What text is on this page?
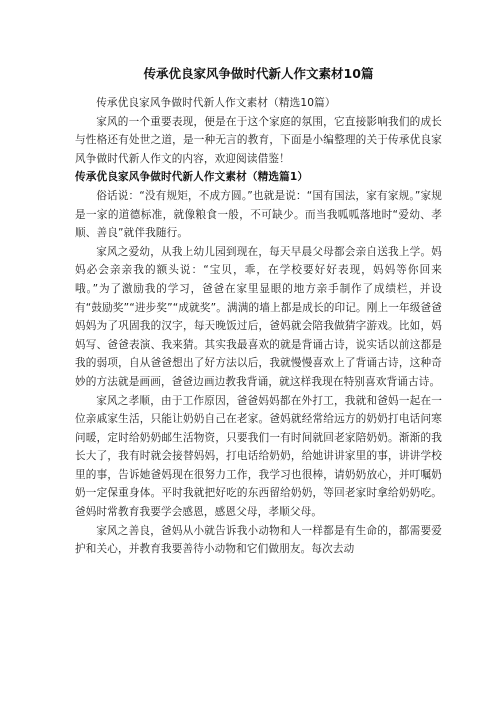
传承优良家风争做时代新人作文素材10篇

传承优良家风争做时代新人作文素材（精选10篇）

家风的一个重要表现，便是在于这个家庭的氛围，它直接影响我们的成长与性格还有处世之道，是一种无言的教育，下面是小编整理的关于传承优良家风争做时代新人作文的内容，欢迎阅读借鉴！

传承优良家风争做时代新人作文素材（精选篇1）

俗话说：“没有规矩，不成方圆。”也就是说：“国有国法，家有家规。”家规是一家的道德标准，就像粮食一般，不可缺少。而当我呱呱落地时“爱幼、孝顺、善良”就伴我随行。

家风之爱幼，从我上幼儿园到现在，每天早晨父母都会亲自送我上学。妈妈必会亲亲我的额头说：“宝贝，乖，在学校要好好表现，妈妈等你回来哦。”为了激励我的学习，爸爸在家里显眼的地方亲手制作了成绩栏，并设有“鼓励奖”“进步奖”“成就奖”。满满的墙上都是成长的印记。刚上一年级爸爸妈妈为了巩固我的汉字，每天晚饭过后，爸妈就会陪我做猜字游戏。比如，妈妈写、爸爸表演、我来猜。其实我最喜欢的就是背诵古诗，说实话以前这都是我的弱项，自从爸爸想出了好方法以后，我就慢慢喜欢上了背诵古诗，这种奇妙的方法就是画画，爸爸边画边教我背诵，就这样我现在特别喜欢背诵古诗。

家风之孝顺，由于工作原因，爸爸妈妈都在外打工，我就和爸妈一起在一位亲戚家生活，只能让奶奶自己在老家。爸妈就经常给远方的奶奶打电话问寒问暖，定时给奶奶邮生活物资，只要我们一有时间就回老家陪奶奶。渐渐的我长大了，我有时就会接替妈妈，打电话给奶奶，给她讲讲家里的事，讲讲学校里的事，告诉她爸妈现在很努力工作，我学习也很棒，请奶奶放心，并叮嘱奶奶一定保重身体。平时我就把好吃的东西留给奶奶，等回老家时拿给奶奶吃。爸妈时常教育我要学会感恩，感恩父母，孝顺父母。

家风之善良，爸妈从小就告诉我小动物和人一样都是有生命的，都需要爱护和关心，并教育我要善待小动物和它们做朋友。每次去动
